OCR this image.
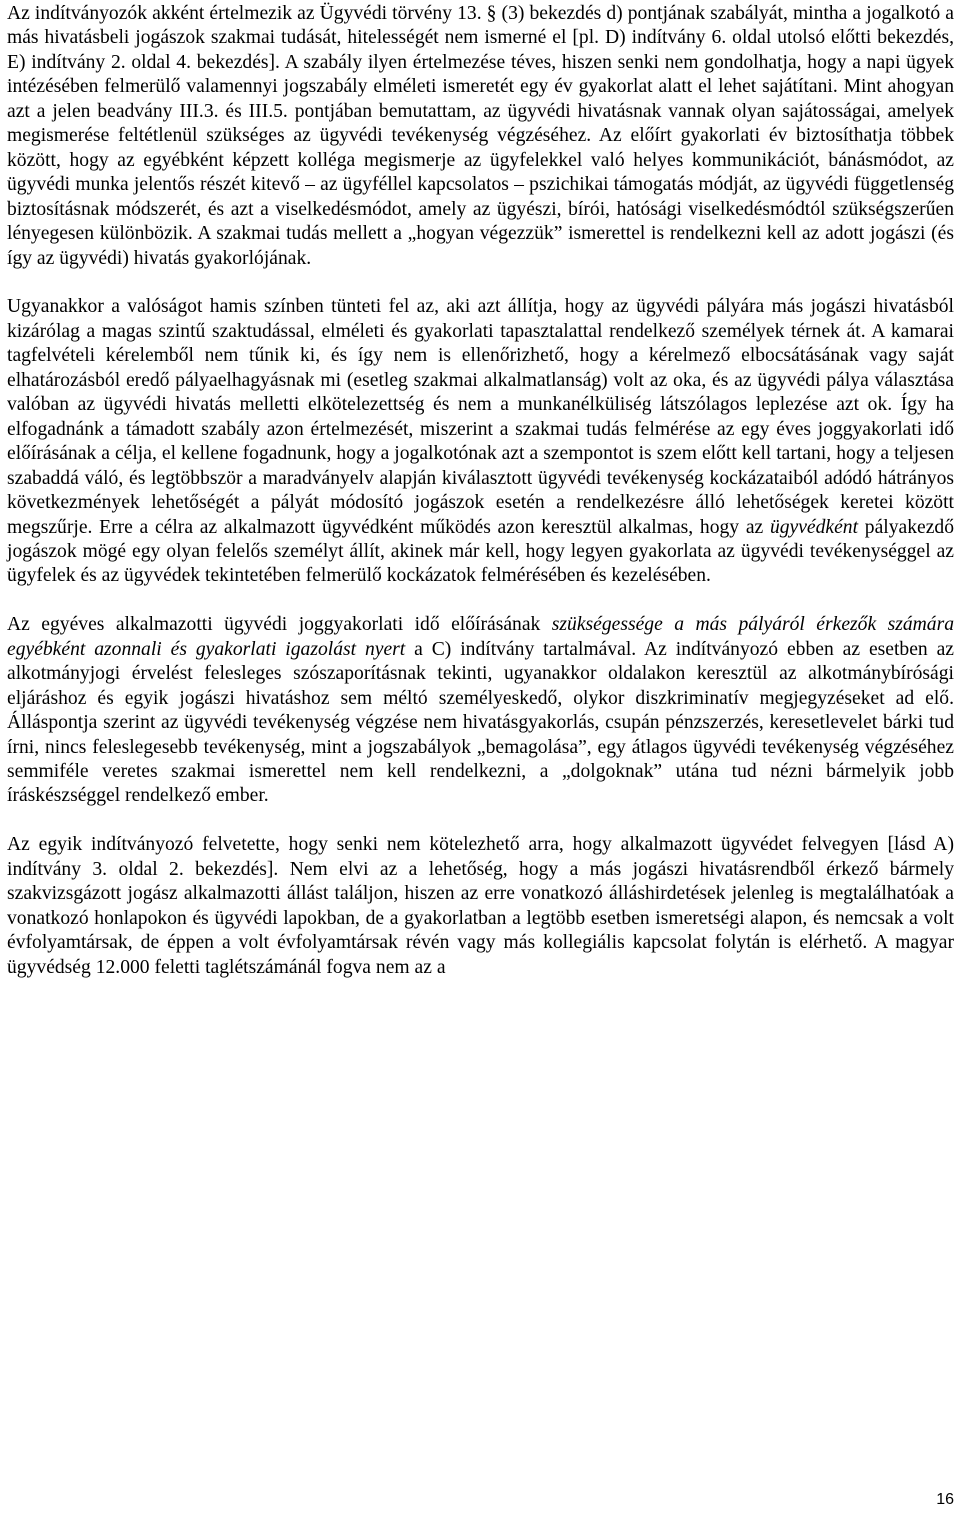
Az indítványozók akként értelmezik az Ügyvédi törvény 13. § (3) bekezdés d) pontjának szabályát, mintha a jogalkotó a más hivatásbeli jogászok szakmai tudását, hitelességét nem ismerné el [pl. D) indítvány 6. oldal utolsó előtti bekezdés, E) indítvány 2. oldal 4. bekezdés]. A szabály ilyen értelmezése téves, hiszen senki nem gondolhatja, hogy a napi ügyek intézésében felmerülő valamennyi jogszabály elméleti ismeretét egy év gyakorlat alatt el lehet sajátítani. Mint ahogyan azt a jelen beadvány III.3. és III.5. pontjában bemutattam, az ügyvédi hivatásnak vannak olyan sajátosságai, amelyek megismerése feltétlenül szükséges az ügyvédi tevékenység végzéséhez. Az előírt gyakorlati év biztosíthatja többek között, hogy az egyébként képzett kolléga megismerje az ügyfelekkel való helyes kommunikációt, bánásmódot, az ügyvédi munka jelentős részét kitevő – az ügyféllel kapcsolatos – pszichikai támogatás módját, az ügyvédi függetlenség biztosításnak módszerét, és azt a viselkedésmódot, amely az ügyészi, bírói, hatósági viselkedésmódtól szükségszerűen lényegesen különbözik. A szakmai tudás mellett a „hogyan végezzük” ismerettel is rendelkezni kell az adott jogászi (és így az ügyvédi) hivatás gyakorlójának.

Ugyanakkor a valóságot hamis színben tünteti fel az, aki azt állítja, hogy az ügyvédi pályára más jogászi hivatásból kizárólag a magas szintű szaktudással, elméleti és gyakorlati tapasztalattal rendelkező személyek térnek át. A kamarai tagfelvételi kérelemből nem tűnik ki, és így nem is ellenőrizhető, hogy a kérelmező elbocsátásának vagy saját elhatározásból eredő pályaelhagyásnak mi (esetleg szakmai alkalmatlanság) volt az oka, és az ügyvédi pálya választása valóban az ügyvédi hivatás melletti elkötelezettség és nem a munkanélküliség látszólagos leplezése azt ok. Így ha elfogadnánk a támadott szabály azon értelmezését, miszerint a szakmai tudás felmérése az egy éves joggyakorlati idő előírásának a célja, el kellene fogadnunk, hogy a jogalkotónak azt a szempontot is szem előtt kell tartani, hogy a teljesen szabaddá váló, és legtöbbször a maradványelv alapján kiválasztott ügyvédi tevékenység kockázataiból adódó hátrányos következmények lehetőségét a pályát módosító jogászok esetén a rendelkezésre álló lehetőségek keretei között megszűrje. Erre a célra az alkalmazott ügyvédként működés azon keresztül alkalmas, hogy az ügyvédként pályakezdő jogászok mögé egy olyan felelős személyt állít, akinek már kell, hogy legyen gyakorlata az ügyvédi tevékenységgel az ügyfelek és az ügyvédek tekintetében felmerülő kockázatok felmérésében és kezelésében.

Az egyéves alkalmazotti ügyvédi joggyakorlati idő előírásának szükségessége a más pályáról érkezők számára egyébként azonnali és gyakorlati igazolást nyert a C) indítvány tartalmával. Az indítványozó ebben az esetben az alkotmányjogi érvelést felesleges szószaporításnak tekinti, ugyanakkor oldalakon keresztül az alkotmánybírósági eljáráshoz és egyik jogászi hivatáshoz sem méltó személyeskedő, olykor diszkriminatív megjegyzéseket ad elő. Álláspontja szerint az ügyvédi tevékenység végzése nem hivatásgyakorlás, csupán pénzszerzés, keresetlevelet bárki tud írni, nincs feleslegesebb tevékenység, mint a jogszabályok „bemagolása”, egy átlagos ügyvédi tevékenység végzéséhez semmiféle veretes szakmai ismerettel nem kell rendelkezni, a „dolgoknak” utána tud nézni bármelyik jobb íráskészséggel rendelkező ember.

Az egyik indítványozó felvetette, hogy senki nem kötelezhető arra, hogy alkalmazott ügyvédet felvegyen [lásd A) indítvány 3. oldal 2. bekezdés]. Nem elvi az a lehetőség, hogy a más jogászi hivatásrendből érkező bármely szakvizsgázott jogász alkalmazotti állást találjon, hiszen az erre vonatkozó álláshirdetések jelenleg is megtalálhatóak a vonatkozó honlapokon és ügyvédi lapokban, de a gyakorlatban a legtöbb esetben ismeretségi alapon, és nemcsak a volt évfolyamtársak, de éppen a volt évfolyamtársak révén vagy más kollegiális kapcsolat folytán is elérhető. A magyar ügyvédség 12.000 feletti taglétszámánál fogva nem az a

16
